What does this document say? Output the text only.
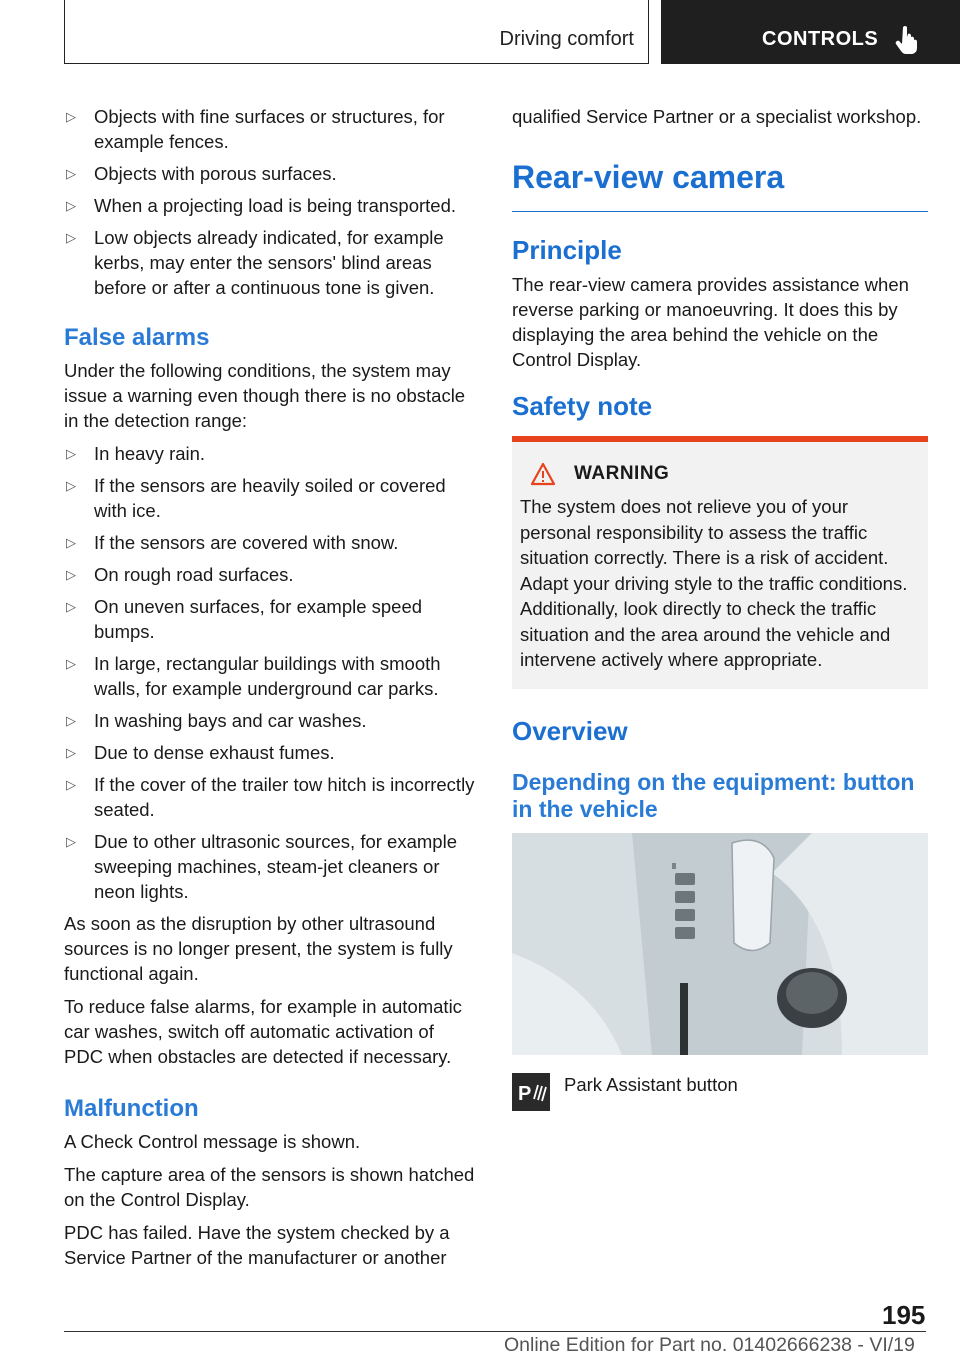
Driving comfort	CONTROLS
▷ Objects with fine surfaces or structures, for example fences.
▷ Objects with porous surfaces.
▷ When a projecting load is being transported.
▷ Low objects already indicated, for example kerbs, may enter the sensors' blind areas before or after a continuous tone is given.
False alarms

Under the following conditions, the system may issue a warning even though there is no obstacle in the detection range:

▷ In heavy rain.
▷ If the sensors are heavily soiled or covered with ice.
▷ If the sensors are covered with snow.
▷ On rough road surfaces.
▷ On uneven surfaces, for example speed bumps.
▷ In large, rectangular buildings with smooth walls, for example underground car parks.
▷ In washing bays and car washes.
▷ Due to dense exhaust fumes.
▷ If the cover of the trailer tow hitch is incorrectly seated.
▷ Due to other ultrasonic sources, for example sweeping machines, steam-jet cleaners or neon lights.

As soon as the disruption by other ultrasound sources is no longer present, the system is fully functional again.

To reduce false alarms, for example in automatic car washes, switch off automatic activation of PDC when obstacles are detected if necessary.

Malfunction

A Check Control message is shown.

The capture area of the sensors is shown hatched on the Control Display.

PDC has failed. Have the system checked by a Service Partner of the manufacturer or another

qualified Service Partner or a specialist workshop.

Rear-view camera
Principle

The rear-view camera provides assistance when reverse parking or manoeuvring. It does this by displaying the area behind the vehicle on the Control Display.

Safety note
WARNING

The system does not relieve you of your personal responsibility to assess the traffic situation correctly. There is a risk of accident. Adapt your driving style to the traffic conditions. Additionally, look directly to check the traffic situation and the area around the vehicle and intervene actively where appropriate.

Overview
Depending on the equipment: button in the vehicle
P Park Assistant button
195
Online Edition for Part no. 01402666238 - VI/19
